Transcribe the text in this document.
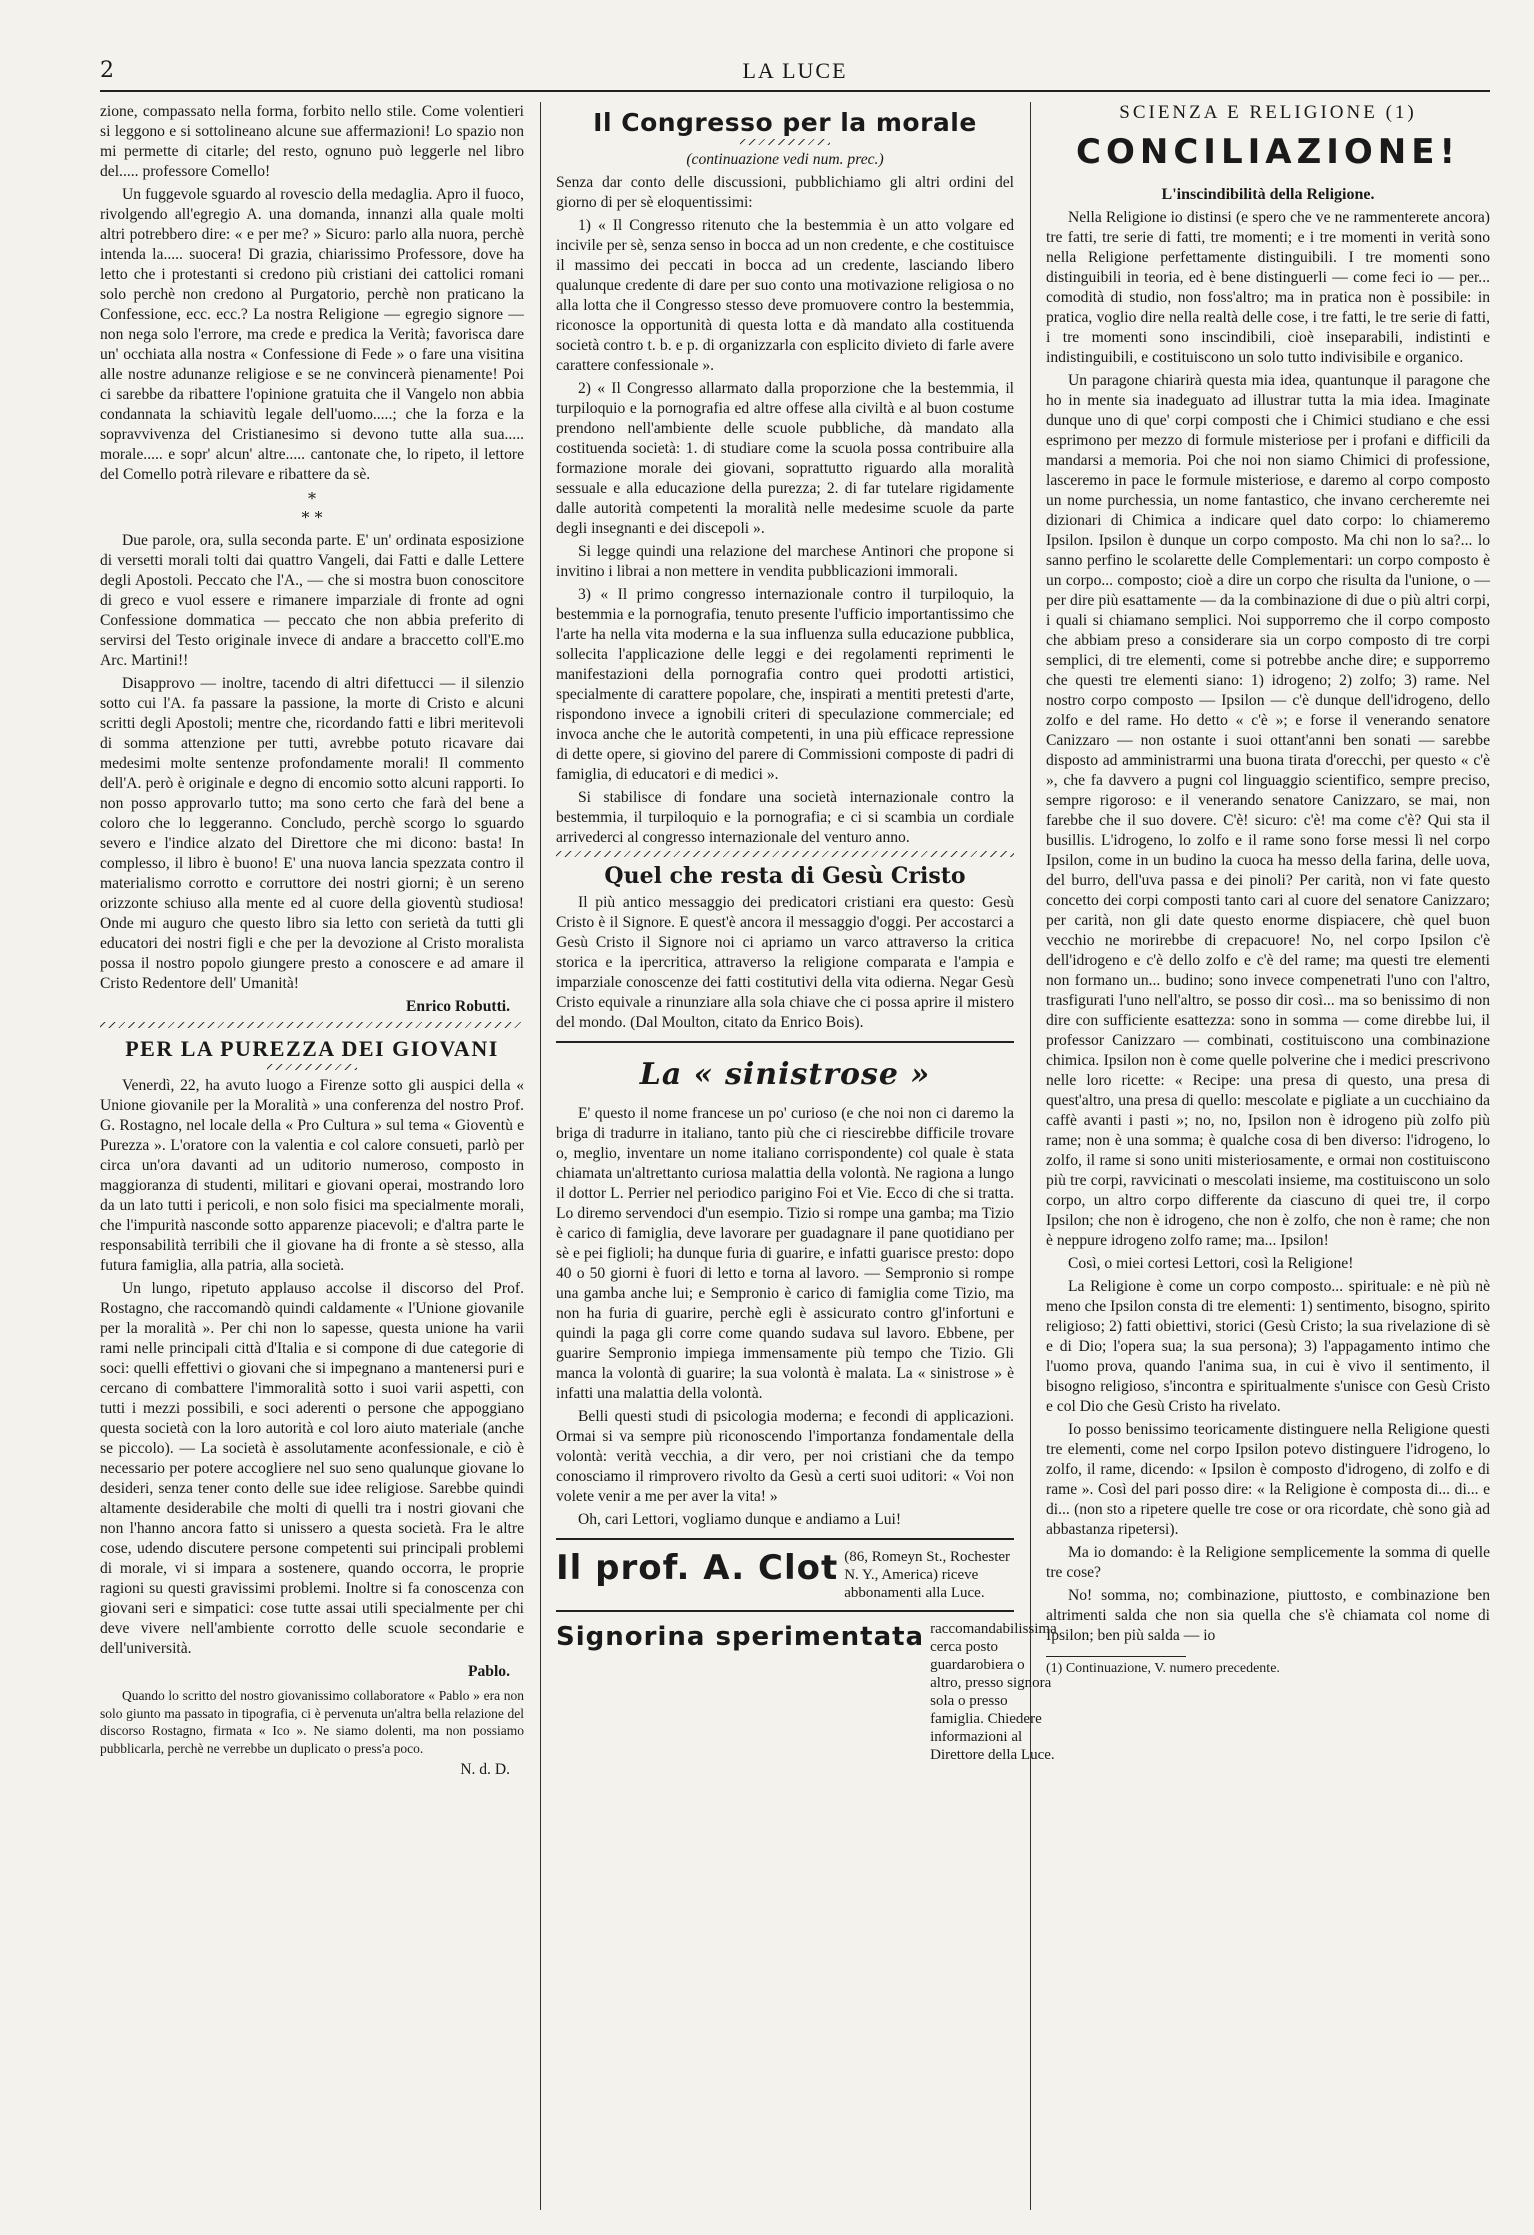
2	LA LUCE

zione, compassato nella forma, forbito nello stile. Come volentieri si leggono e si sottolineano alcune sue affermazioni! Lo spazio non mi permette di citarle; del resto, ognuno può leggerle nel libro del..... professore Comello!

Un fuggevole sguardo al rovescio della medaglia. Apro il fuoco, rivolgendo all'egregio A. una domanda, innanzi alla quale molti altri potrebbero dire: « e per me? » Sicuro: parlo alla nuora, perchè intenda la..... suocera! Di grazia, chiarissimo Professore, dove ha letto che i protestanti si credono più cristiani dei cattolici romani solo perchè non credono al Purgatorio, perchè non praticano la Confessione, ecc. ecc.? La nostra Religione — egregio signore — non nega solo l'errore, ma crede e predica la Verità; favorisca dare un' occhiata alla nostra « Confessione di Fede » o fare una visitina alle nostre adunanze religiose e se ne convincerà pienamente! Poi ci sarebbe da ribattere l'opinione gratuita che il Vangelo non abbia condannata la schiavitù legale dell'uomo.....; che la forza e la sopravvivenza del Cristianesimo si devono tutte alla sua..... morale..... e sopr' alcun' altre..... cantonate che, lo ripeto, il lettore del Comello potrà rilevare e ribattere da sè.

*
* *

Due parole, ora, sulla seconda parte. E' un' ordinata esposizione di versetti morali tolti dai quattro Vangeli, dai Fatti e dalle Lettere degli Apostoli. Peccato che l'A., — che si mostra buon conoscitore di greco e vuol essere e rimanere imparziale di fronte ad ogni Confessione dommatica — peccato che non abbia preferito di servirsi del Testo originale invece di andare a braccetto coll'E.mo Arc. Martini!!

Disapprovo — inoltre, tacendo di altri difettucci — il silenzio sotto cui l'A. fa passare la passione, la morte di Cristo e alcuni scritti degli Apostoli; mentre che, ricordando fatti e libri meritevoli di somma attenzione per tutti, avrebbe potuto ricavare dai medesimi molte sentenze profondamente morali! Il commento dell'A. però è originale e degno di encomio sotto alcuni rapporti. Io non posso approvarlo tutto; ma sono certo che farà del bene a coloro che lo leggeranno. Concludo, perchè scorgo lo sguardo severo e l'indice alzato del Direttore che mi dicono: basta! In complesso, il libro è buono! E' una nuova lancia spezzata contro il materialismo corrotto e corruttore dei nostri giorni; è un sereno orizzonte schiuso alla mente ed al cuore della gioventù studiosa! Onde mi auguro che questo libro sia letto con serietà da tutti gli educatori dei nostri figli e che per la devozione al Cristo moralista possa il nostro popolo giungere presto a conoscere e ad amare il Cristo Redentore dell' Umanità!

Enrico Robutti.
PER LA PUREZZA DEI GIOVANI

Venerdì, 22, ha avuto luogo a Firenze sotto gli auspici della « Unione giovanile per la Moralità » una conferenza del nostro Prof. G. Rostagno, nel locale della « Pro Cultura » sul tema « Gioventù e Purezza ». L'oratore con la valentia e col calore consueti, parlò per circa un'ora davanti ad un uditorio numeroso, composto in maggioranza di studenti, militari e giovani operai, mostrando loro da un lato tutti i pericoli, e non solo fisici ma specialmente morali, che l'impurità nasconde sotto apparenze piacevoli; e d'altra parte le responsabilità terribili che il giovane ha di fronte a sè stesso, alla futura famiglia, alla patria, alla società.

Un lungo, ripetuto applauso accolse il discorso del Prof. Rostagno, che raccomandò quindi caldamente « l'Unione giovanile per la moralità ». Per chi non lo sapesse, questa unione ha varii rami nelle principali città d'Italia e si compone di due categorie di soci: quelli effettivi o giovani che si impegnano a mantenersi puri e cercano di combattere l'immoralità sotto i suoi varii aspetti, con tutti i mezzi possibili, e soci aderenti o persone che appoggiano questa società con la loro autorità e col loro aiuto materiale (anche se piccolo). — La società è assolutamente aconfessionale, e ciò è necessario per potere accogliere nel suo seno qualunque giovane lo desideri, senza tener conto delle sue idee religiose. Sarebbe quindi altamente desiderabile che molti di quelli tra i nostri giovani che non l'hanno ancora fatto si unissero a questa società. Fra le altre cose, udendo discutere persone competenti sui principali problemi di morale, vi si impara a sostenere, quando occorra, le proprie ragioni su questi gravissimi problemi. Inoltre si fa conoscenza con giovani seri e simpatici: cose tutte assai utili specialmente per chi deve vivere nell'ambiente corrotto delle scuole secondarie e dell'università.

Pablo.

Quando lo scritto del nostro giovanissimo collaboratore « Pablo » era non solo giunto ma passato in tipografia, ci è pervenuta un'altra bella relazione del discorso Rostagno, firmata « Ico ». Ne siamo dolenti, ma non possiamo pubblicarla, perchè ne verrebbe un duplicato o press'a poco.

N. d. D.
Il Congresso per la morale
(continuazione vedi num. prec.)

Senza dar conto delle discussioni, pubblichiamo gli altri ordini del giorno di per sè eloquentissimi:

1) « Il Congresso ritenuto che la bestemmia è un atto volgare ed incivile per sè, senza senso in bocca ad un non credente, e che costituisce il massimo dei peccati in bocca ad un credente, lasciando libero qualunque credente di dare per suo conto una motivazione religiosa o no alla lotta che il Congresso stesso deve promuovere contro la bestemmia, riconosce la opportunità di questa lotta e dà mandato alla costituenda società contro t. b. e p. di organizzarla con esplicito divieto di farle avere carattere confessionale ».

2) « Il Congresso allarmato dalla proporzione che la bestemmia, il turpiloquio e la pornografia ed altre offese alla civiltà e al buon costume prendono nell'ambiente delle scuole pubbliche, dà mandato alla costituenda società: 1. di studiare come la scuola possa contribuire alla formazione morale dei giovani, soprattutto riguardo alla moralità sessuale e alla educazione della purezza; 2. di far tutelare rigidamente dalle autorità competenti la moralità nelle medesime scuole da parte degli insegnanti e dei discepoli ».

Si legge quindi una relazione del marchese Antinori che propone si invitino i librai a non mettere in vendita pubblicazioni immorali.

3) « Il primo congresso internazionale contro il turpiloquio, la bestemmia e la pornografia, tenuto presente l'ufficio importantissimo che l'arte ha nella vita moderna e la sua influenza sulla educazione pubblica, sollecita l'applicazione delle leggi e dei regolamenti reprimenti le manifestazioni della pornografia contro quei prodotti artistici, specialmente di carattere popolare, che, inspirati a mentiti pretesti d'arte, rispondono invece a ignobili criteri di speculazione commerciale; ed invoca anche che le autorità competenti, in una più efficace repressione di dette opere, si giovino del parere di Commissioni composte di padri di famiglia, di educatori e di medici ».

Si stabilisce di fondare una società internazionale contro la bestemmia, il turpiloquio e la pornografia; e ci si scambia un cordiale arrivederci al congresso internazionale del venturo anno.

Quel che resta di Gesù Cristo

Il più antico messaggio dei predicatori cristiani era questo: Gesù Cristo è il Signore. E quest'è ancora il messaggio d'oggi. Per accostarci a Gesù Cristo il Signore noi ci apriamo un varco attraverso la critica storica e la ipercritica, attraverso la religione comparata e l'ampia e imparziale conoscenze dei fatti costitutivi della vita odierna. Negar Gesù Cristo equivale a rinunziare alla sola chiave che ci possa aprire il mistero del mondo. (Dal Moulton, citato da Enrico Bois).

La « sinistrose »

E' questo il nome francese un po' curioso (e che noi non ci daremo la briga di tradurre in italiano, tanto più che ci riescirebbe difficile trovare o, meglio, inventare un nome italiano corrispondente) col quale è stata chiamata un'altrettanto curiosa malattia della volontà. Ne ragiona a lungo il dottor L. Perrier nel periodico parigino Foi et Vie. Ecco di che si tratta. Lo diremo servendoci d'un esempio. Tizio si rompe una gamba; ma Tizio è carico di famiglia, deve lavorare per guadagnare il pane quotidiano per sè e pei figlioli; ha dunque furia di guarire, e infatti guarisce presto: dopo 40 o 50 giorni è fuori di letto e torna al lavoro. — Sempronio si rompe una gamba anche lui; e Sempronio è carico di famiglia come Tizio, ma non ha furia di guarire, perchè egli è assicurato contro gl'infortuni e quindi la paga gli corre come quando sudava sul lavoro. Ebbene, per guarire Sempronio impiega immensamente più tempo che Tizio. Gli manca la volontà di guarire; la sua volontà è malata. La « sinistrose » è infatti una malattia della volontà.

Belli questi studi di psicologia moderna; e fecondi di applicazioni. Ormai si va sempre più riconoscendo l'importanza fondamentale della volontà: verità vecchia, a dir vero, per noi cristiani che da tempo conosciamo il rimprovero rivolto da Gesù a certi suoi uditori: « Voi non volete venir a me per aver la vita! »

Oh, cari Lettori, vogliamo dunque e andiamo a Lui!

Il prof. A. Clot (86, Romeyn St., Rochester N. Y., America) riceve abbonamenti alla Luce.
Signorina sperimentata raccomandabilissima cerca posto guardarobiera o altro, presso signora sola o presso famiglia. Chiedere informazioni al Direttore della Luce.
SCIENZA E RELIGIONE (1)
CONCILIAZIONE!
L'inscindibilità della Religione.

Nella Religione io distinsi (e spero che ve ne rammenterete ancora) tre fatti, tre serie di fatti, tre momenti; e i tre momenti in verità sono nella Religione perfettamente distinguibili. I tre momenti sono distinguibili in teoria, ed è bene distinguerli — come feci io — per... comodità di studio, non foss'altro; ma in pratica non è possibile: in pratica, voglio dire nella realtà delle cose, i tre fatti, le tre serie di fatti, i tre momenti sono inscindibili, cioè inseparabili, indistinti e indistinguibili, e costituiscono un solo tutto indivisibile e organico.

Un paragone chiarirà questa mia idea, quantunque il paragone che ho in mente sia inadeguato ad illustrar tutta la mia idea. Imaginate dunque uno di que' corpi composti che i Chimici studiano e che essi esprimono per mezzo di formule misteriose per i profani e difficili da mandarsi a memoria. Poi che noi non siamo Chimici di professione, lasceremo in pace le formule misteriose, e daremo al corpo composto un nome purchessia, un nome fantastico, che invano cercheremte nei dizionari di Chimica a indicare quel dato corpo: lo chiameremo Ipsilon. Ipsilon è dunque un corpo composto. Ma chi non lo sa?... lo sanno perfino le scolarette delle Complementari: un corpo composto è un corpo... composto; cioè a dire un corpo che risulta da l'unione, o — per dire più esattamente — da la combinazione di due o più altri corpi, i quali si chiamano semplici. Noi supporremo che il corpo composto che abbiam preso a considerare sia un corpo composto di tre corpi semplici, di tre elementi, come si potrebbe anche dire; e supporremo che questi tre elementi siano: 1) idrogeno; 2) zolfo; 3) rame. Nel nostro corpo composto — Ipsilon — c'è dunque dell'idrogeno, dello zolfo e del rame. Ho detto « c'è »; e forse il venerando senatore Canizzaro — non ostante i suoi ottant'anni ben sonati — sarebbe disposto ad amministrarmi una buona tirata d'orecchi, per questo « c'è », che fa davvero a pugni col linguaggio scientifico, sempre preciso, sempre rigoroso: e il venerando senatore Canizzaro, se mai, non farebbe che il suo dovere. C'è! sicuro: c'è! ma come c'è? Qui sta il busillis. L'idrogeno, lo zolfo e il rame sono forse messi lì nel corpo Ipsilon, come in un budino la cuoca ha messo della farina, delle uova, del burro, dell'uva passa e dei pinoli? Per carità, non vi fate questo concetto dei corpi composti tanto cari al cuore del senatore Canizzaro; per carità, non gli date questo enorme dispiacere, chè quel buon vecchio ne morirebbe di crepacuore! No, nel corpo Ipsilon c'è dell'idrogeno e c'è dello zolfo e c'è del rame; ma questi tre elementi non formano un... budino; sono invece compenetrati l'uno con l'altro, trasfigurati l'uno nell'altro, se posso dir così... ma so benissimo di non dire con sufficiente esattezza: sono in somma — come direbbe lui, il professor Canizzaro — combinati, costituiscono una combinazione chimica. Ipsilon non è come quelle polverine che i medici prescrivono nelle loro ricette: « Recipe: una presa di questo, una presa di quest'altro, una presa di quello: mescolate e pigliate a un cucchiaino da caffè avanti i pasti »; no, no, Ipsilon non è idrogeno più zolfo più rame; non è una somma; è qualche cosa di ben diverso: l'idrogeno, lo zolfo, il rame si sono uniti misteriosamente, e ormai non costituiscono più tre corpi, ravvicinati o mescolati insieme, ma costituiscono un solo corpo, un altro corpo differente da ciascuno di quei tre, il corpo Ipsilon; che non è idrogeno, che non è zolfo, che non è rame; che non è neppure idrogeno zolfo rame; ma... Ipsilon!

Così, o miei cortesi Lettori, così la Religione!

La Religione è come un corpo composto... spirituale: e nè più nè meno che Ipsilon consta di tre elementi: 1) sentimento, bisogno, spirito religioso; 2) fatti obiettivi, storici (Gesù Cristo; la sua rivelazione di sè e di Dio; l'opera sua; la sua persona); 3) l'appagamento intimo che l'uomo prova, quando l'anima sua, in cui è vivo il sentimento, il bisogno religioso, s'incontra e spiritualmente s'unisce con Gesù Cristo e col Dio che Gesù Cristo ha rivelato.

Io posso benissimo teoricamente distinguere nella Religione questi tre elementi, come nel corpo Ipsilon potevo distinguere l'idrogeno, lo zolfo, il rame, dicendo: « Ipsilon è composto d'idrogeno, di zolfo e di rame ». Così del pari posso dire: « la Religione è composta di... di... e di... (non sto a ripetere quelle tre cose or ora ricordate, chè sono già ad abbastanza ripetersi).

Ma io domando: è la Religione semplicemente la somma di quelle tre cose?

No! somma, no; combinazione, piuttosto, e combinazione ben altrimenti salda che non sia quella che s'è chiamata col nome di Ipsilon; ben più salda — io

(1) Continuazione, V. numero precedente.
